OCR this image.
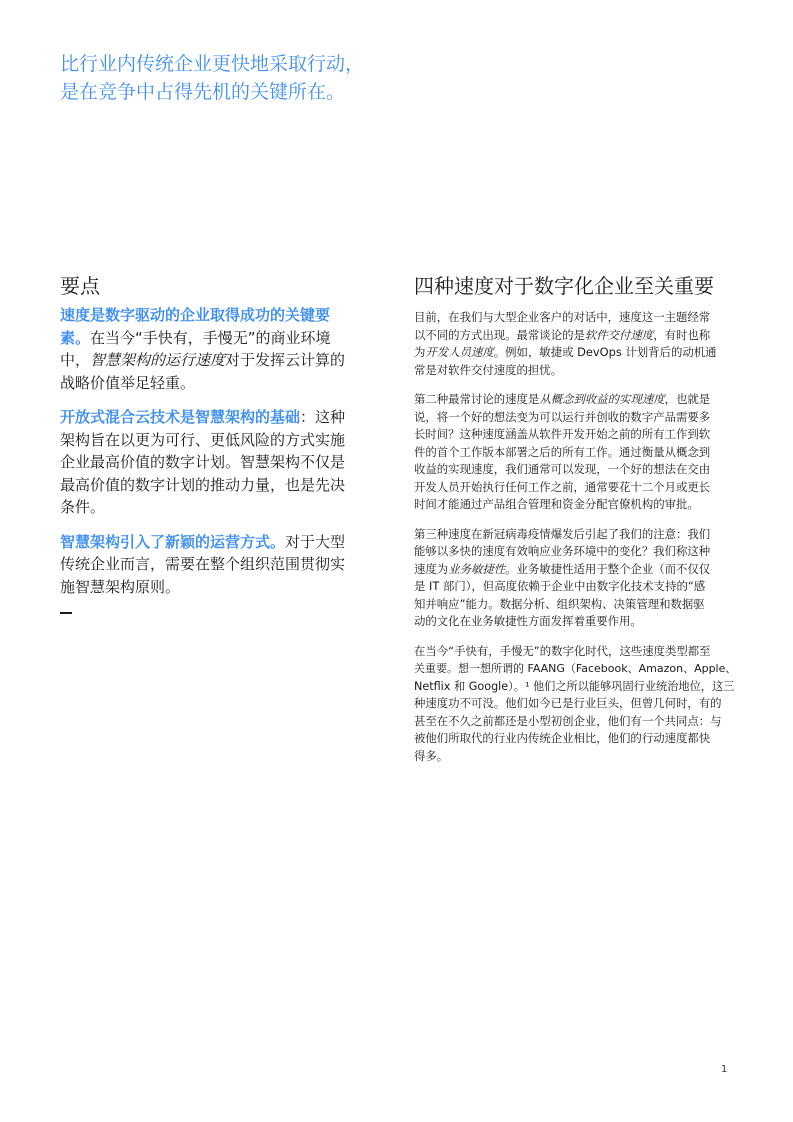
比行业内传统企业更快地采取行动，
是在竞争中占得先机的关键所在。
要点
速度是数字驱动的企业取得成功的关键要
素。在当今“手快有，手慢无”的商业环境
中，智慧架构的运行速度对于发挥云计算的
战略价值举足轻重。
开放式混合云技术是智慧架构的基础：这种
架构旨在以更为可行、更低风险的方式实施
企业最高价值的数字计划。智慧架构不仅是
最高价值的数字计划的推动力量，也是先决
条件。
智慧架构引入了新颖的运营方式。对于大型
传统企业而言，需要在整个组织范围贯彻实
施智慧架构原则。
四种速度对于数字化企业至关重要
目前，在我们与大型企业客户的对话中，速度这一主题经常
以不同的方式出现。最常谈论的是软件交付速度，有时也称
为开发人员速度。例如，敏捷或 DevOps 计划背后的动机通
常是对软件交付速度的担忧。
第二种最常讨论的速度是从概念到收益的实现速度，也就是
说，将一个好的想法变为可以运行并创收的数字产品需要多
长时间？这种速度涵盖从软件开发开始之前的所有工作到软
件的首个工作版本部署之后的所有工作。通过衡量从概念到
收益的实现速度，我们通常可以发现，一个好的想法在交由
开发人员开始执行任何工作之前，通常要花十二个月或更长
时间才能通过产品组合管理和资金分配官僚机构的审批。
第三种速度在新冠病毒疫情爆发后引起了我们的注意：我们
能够以多快的速度有效响应业务环境中的变化？我们称这种
速度为业务敏捷性。业务敏捷性适用于整个企业（而不仅仅
是 IT 部门），但高度依赖于企业中由数字化技术支持的“感
知并响应”能力。数据分析、组织架构、决策管理和数据驱
动的文化在业务敏捷性方面发挥着重要作用。
在当今“手快有，手慢无”的数字化时代，这些速度类型都至
关重要。想一想所谓的 FAANG（Facebook、Amazon、Apple、
Netflix 和 Google）。¹ 他们之所以能够巩固行业统治地位，这三
种速度功不可没。他们如今已是行业巨头，但曾几何时，有的
甚至在不久之前都还是小型初创企业，他们有一个共同点：与
被他们所取代的行业内传统企业相比，他们的行动速度都快
得多。
1
